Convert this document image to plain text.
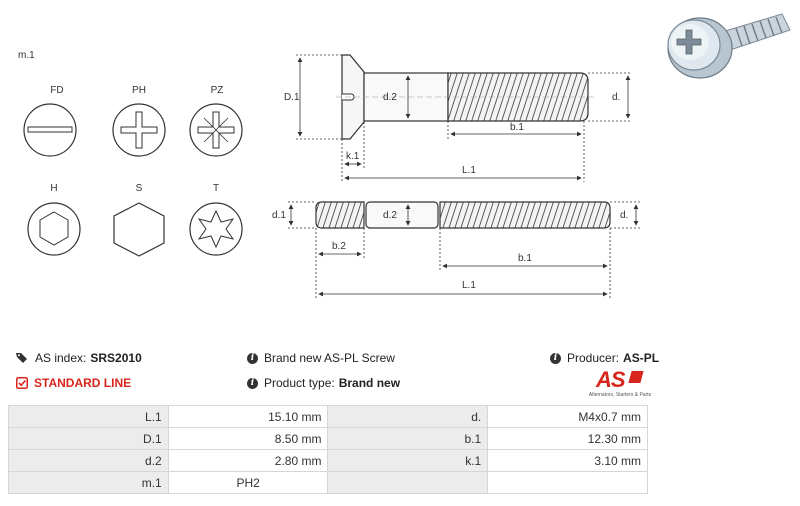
m.1
FD	PH	PZ
H	S	T
D.1	d.2	d.
b.1
k.1
L.1
d.1	d.2	d.
b.2
b.1
L.1
AS index: SRS2010
STANDARD LINE
i Brand new AS-PL Screw
i Product type: Brand new
i Producer: AS-PL
AS
Alternators, Starters & Parts
L.1	15.10 mm	d.	M4x0.7 mm
D.1	8.50 mm	b.1	12.30 mm
d.2	2.80 mm	k.1	3.10 mm
m.1	PH2		
